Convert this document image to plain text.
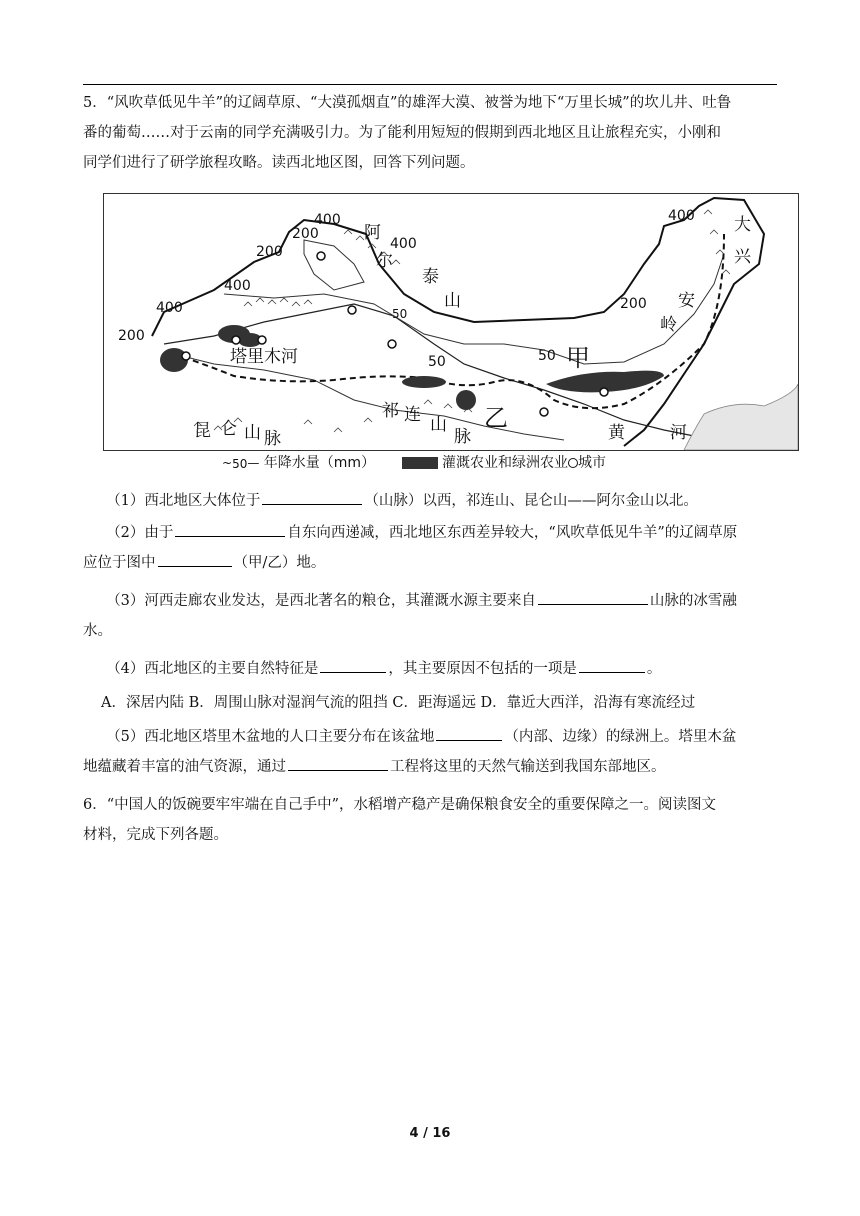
5．“风吹草低见牛羊”的辽阔草原、“大漠孤烟直”的雄浑大漠、被誉为地下“万里长城”的坎儿井、吐鲁
番的葡萄……对于云南的同学充满吸引力。为了能利用短短的假期到西北地区且让旅程充实，小刚和
同学们进行了研学旅程攻略。读西北地区图，回答下列问题。
400
200
200
400
400
200
400
400
200
50
50	50
阿
尔
泰
山
塔里木河
祁 连 山
脉
昆 仑 山 脉
甲
乙
大
兴
安
岭
黄	河
~50— 年降水量（mm）	灌溉农业和绿洲农业 城市
（1）西北地区大体位于	（山脉）以西，祁连山、昆仑山——阿尔金山以北。
（2）由于	自东向西递减，西北地区东西差异较大，“风吹草低见牛羊”的辽阔草原
应位于图中	（甲/乙）地。
（3）河西走廊农业发达，是西北著名的粮仓，其灌溉水源主要来自	山脉的冰雪融
水。
（4）西北地区的主要自然特征是	，其主要原因不包括的一项是	。
A．深居内陆 B．周围山脉对湿润气流的阻挡 C．距海遥远 D．靠近大西洋，沿海有寒流经过
（5）西北地区塔里木盆地的人口主要分布在该盆地	（内部、边缘）的绿洲上。塔里木盆
地蕴藏着丰富的油气资源，通过	工程将这里的天然气输送到我国东部地区。
6．“中国人的饭碗要牢牢端在自己手中”，水稻增产稳产是确保粮食安全的重要保障之一。阅读图文
材料，完成下列各题。
4 / 16
